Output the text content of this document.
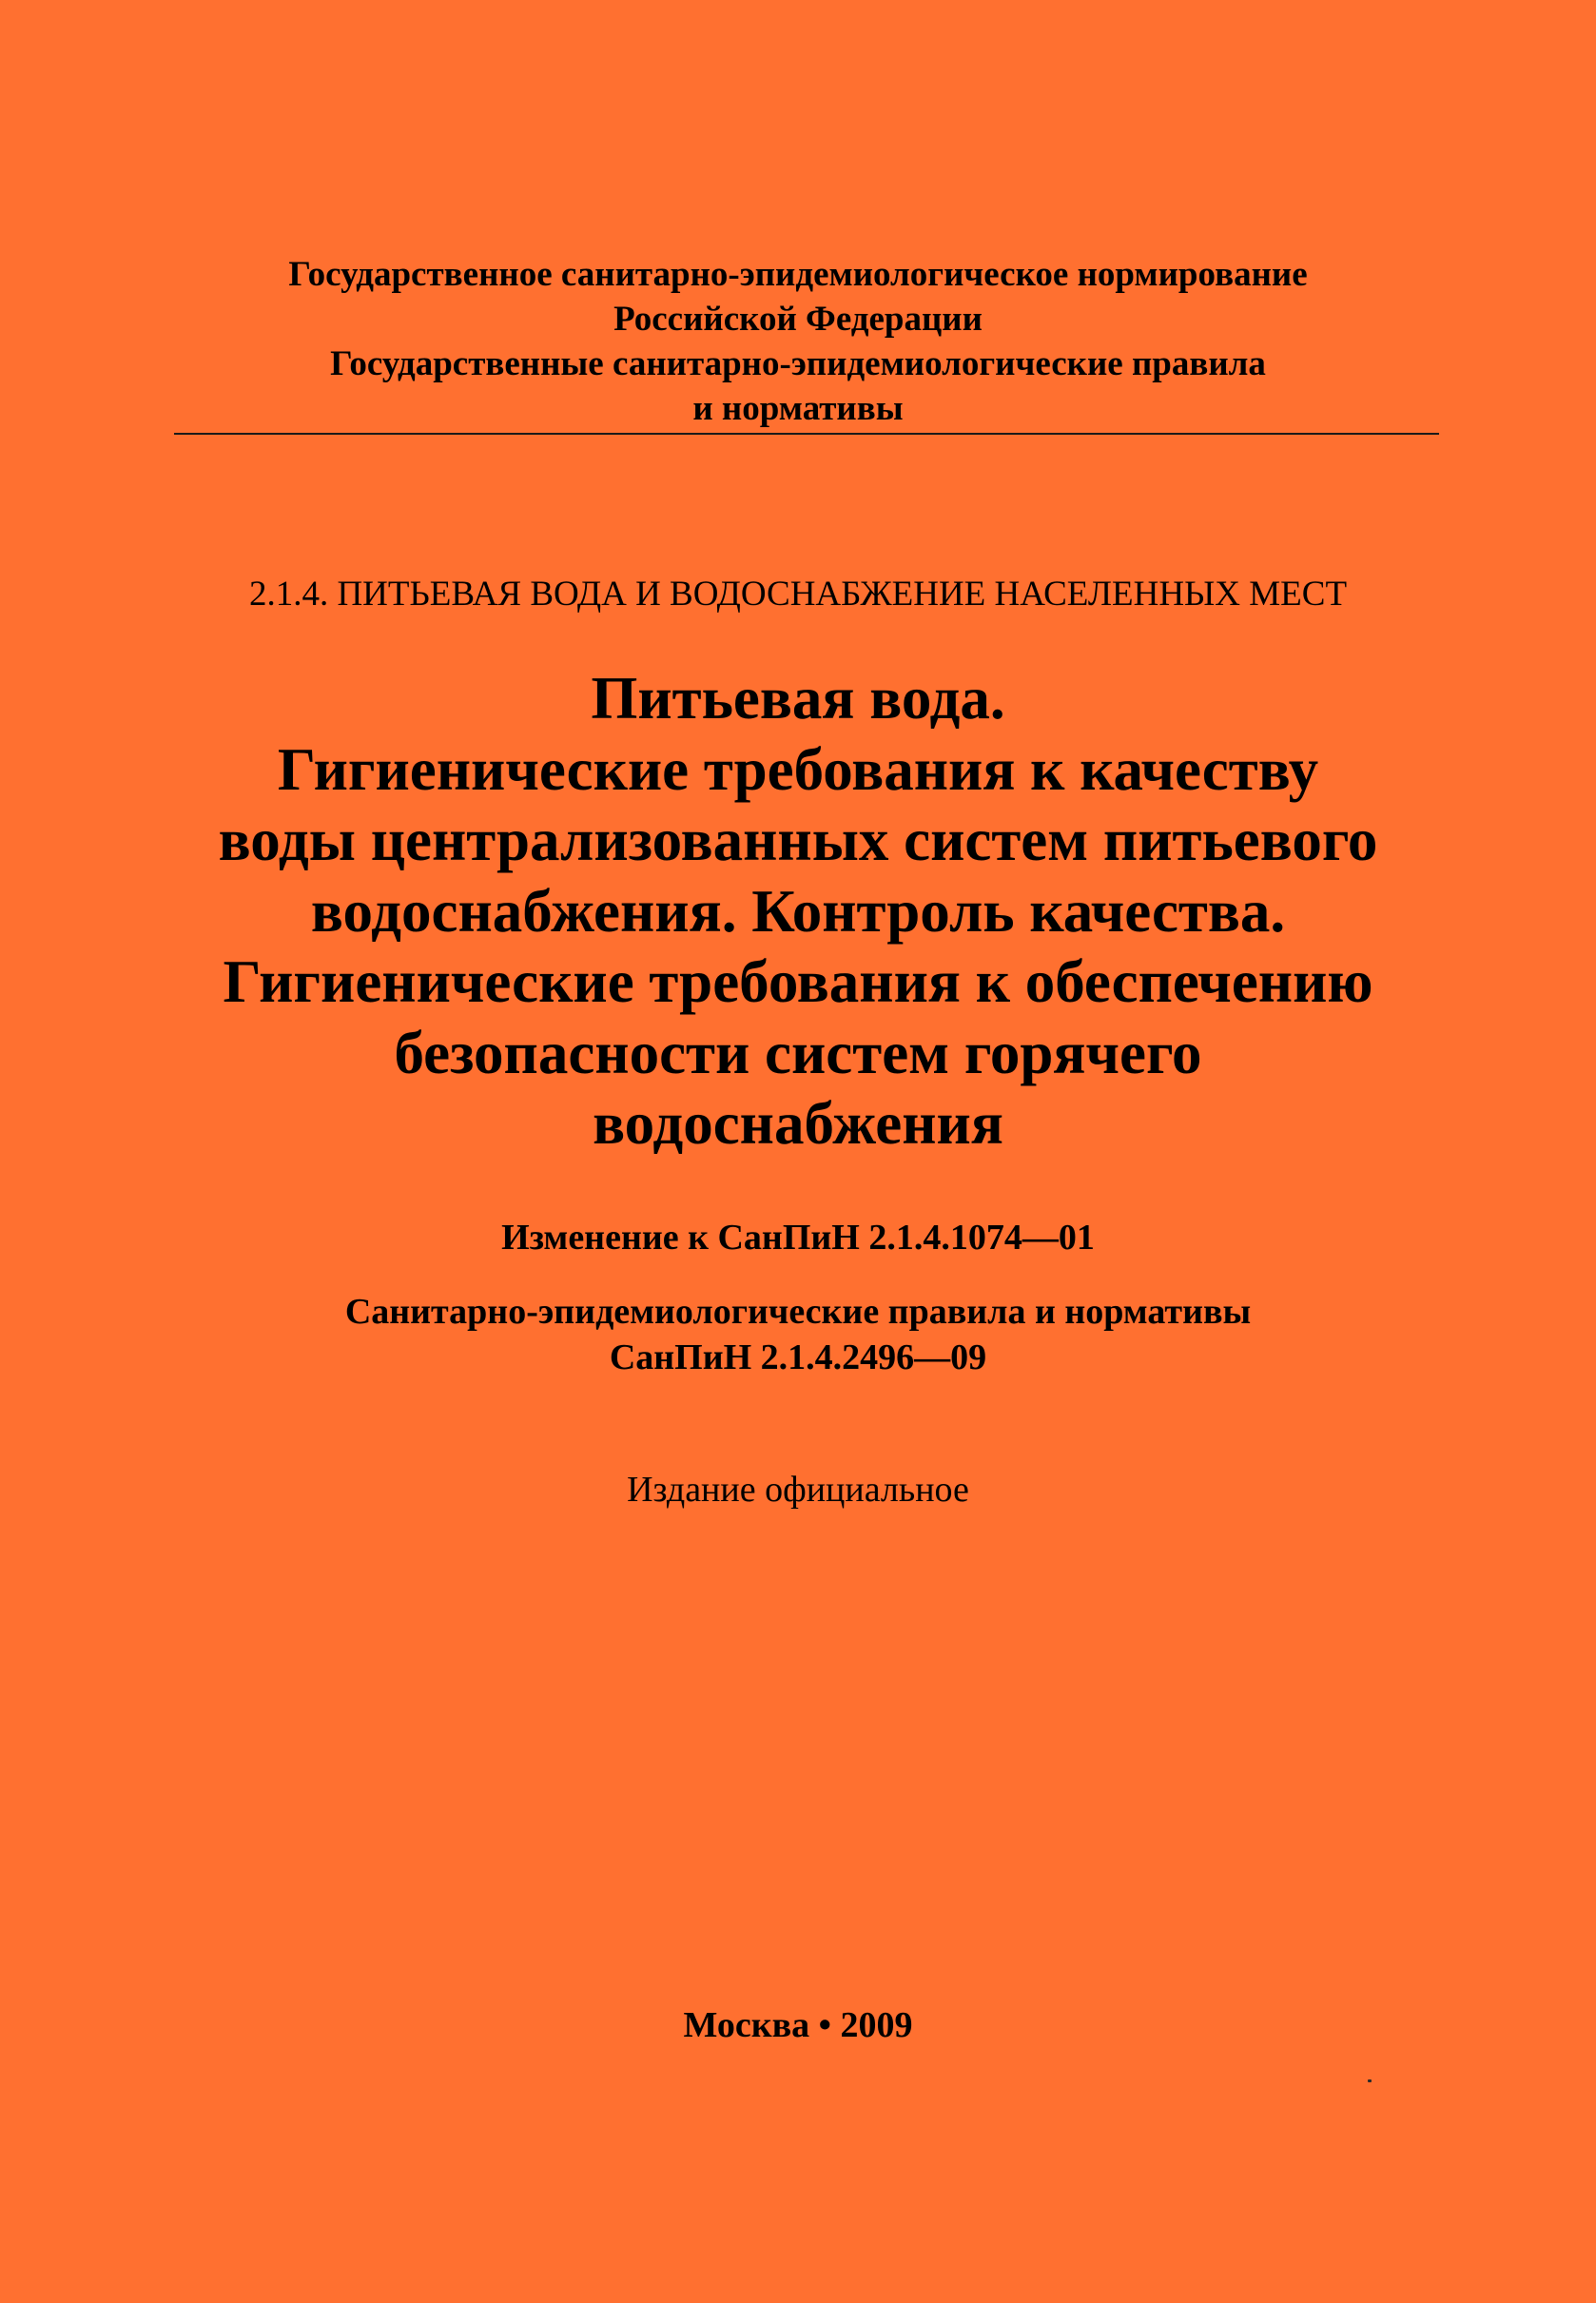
Государственное санитарно-эпидемиологическое нормирование

Российской Федерации

Государственные санитарно-эпидемиологические правила

и нормативы

2.1.4. ПИТЬЕВАЯ ВОДА И ВОДОСНАБЖЕНИЕ НАСЕЛЕННЫХ МЕСТ

Питьевая вода.
Гигиенические требования к качеству
воды централизованных систем питьевого
водоснабжения. Контроль качества.
Гигиенические требования к обеспечению
безопасности систем горячего
водоснабжения

Изменение к СанПиН 2.1.4.1074—01

Санитарно-эпидемиологические правила и нормативы
СанПиН 2.1.4.2496—09

Издание официальное

Москва • 2009
